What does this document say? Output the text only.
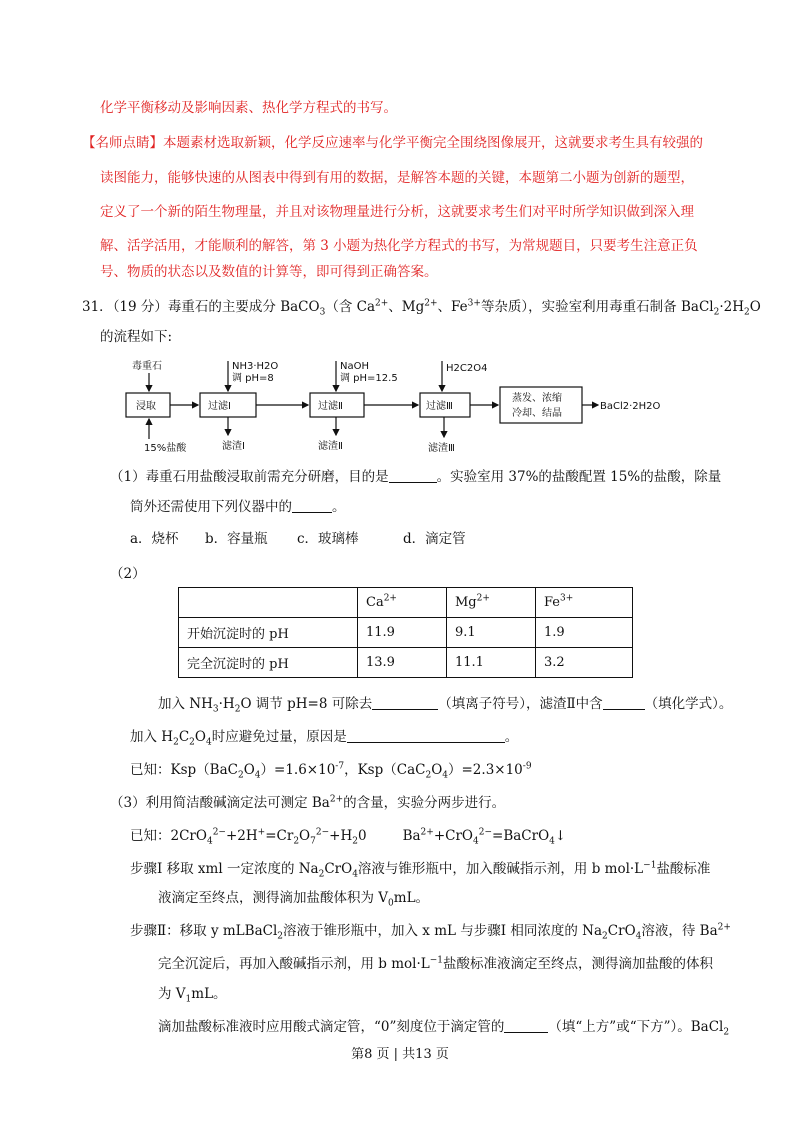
化学平衡移动及影响因素、热化学方程式的书写。
【名师点睛】本题素材选取新颖，化学反应速率与化学平衡完全围绕图像展开，这就要求考生具有较强的
读图能力，能够快速的从图表中得到有用的数据，是解答本题的关键，本题第二小题为创新的题型，
定义了一个新的陌生物理量，并且对该物理量进行分析，这就要求考生们对平时所学知识做到深入理
解、活学活用，才能顺利的解答，第 3 小题为热化学方程式的书写，为常规题目，只要考生注意正负
号、物质的状态以及数值的计算等，即可得到正确答案。
31．（19 分）毒重石的主要成分 BaCO$_3$（含 $Ca^{2+}$、$Mg^{2+}$、$Fe^{3+}$等杂质），实验室利用毒重石制备 $BaCl_2\cdot 2H_2O$
的流程如下:
毒重石
浸取
15%盐酸
NH3·H2O
调 pH=8
过滤Ⅰ
滤渣Ⅰ
NaOH
调 pH=12.5
过滤Ⅱ
滤渣Ⅱ
H2C2O4
过滤Ⅲ
滤渣Ⅲ
蒸发、浓缩
冷却、结晶
BaCl2·2H2O
（1）毒重石用盐酸浸取前需充分研磨，目的是	。实验室用 37%的盐酸配置 15%的盐酸，除量
筒外还需使用下列仪器中的	。
a．烧杯 b．容量瓶 c．玻璃棒	d．滴定管
（2）
	$Ca^{2+}$	$Mg^{2+}$	$Fe^{3+}$
开始沉淀时的 pH	11.9	9.1	1.9
完全沉淀时的 pH	13.9	11.1	3.2
加入 $NH_3\cdot H_2O$ 调节 pH=8 可除去	（填离子符号），滤渣Ⅱ中含	（填化学式）。
加入 $H_2C_2O_4$时应避免过量，原因是	。
已知：$Ksp(BaC_2O_4)=1.6\times 10^{-7}$，$Ksp(CaC_2O_4)=2.3\times 10^{-9}$
（3）利用简洁酸碱滴定法可测定 $Ba^{2+}$的含量，实验分两步进行。
已知：$2CrO_4^{2-}+2H^+=Cr_2O_7^{2-}+H_20$	$Ba^{2+}+CrO_4^{2-}=BaCrO_4↓$
步骤Ⅰ 移取 xml 一定浓度的 $Na_2CrO_4$溶液与锥形瓶中，加入酸碱指示剂，用 b $mol\cdot L^{-1}$盐酸标准
液滴定至终点，测得滴加盐酸体积为 $V_0mL$。
步骤Ⅱ：移取 y mLBaCl$_2$溶液于锥形瓶中，加入 x mL 与步骤Ⅰ 相同浓度的 $Na_2CrO_4$溶液，待 $Ba^{2+}$
完全沉淀后，再加入酸碱指示剂，用 b $mol\cdot L^{-1}$盐酸标准液滴定至终点，测得滴加盐酸的体积
为 $V_1mL$。
滴加盐酸标准液时应用酸式滴定管，“0”刻度位于滴定管的	（填“上方”或“下方”）。BaCl$_2$
第8 页 | 共13 页
